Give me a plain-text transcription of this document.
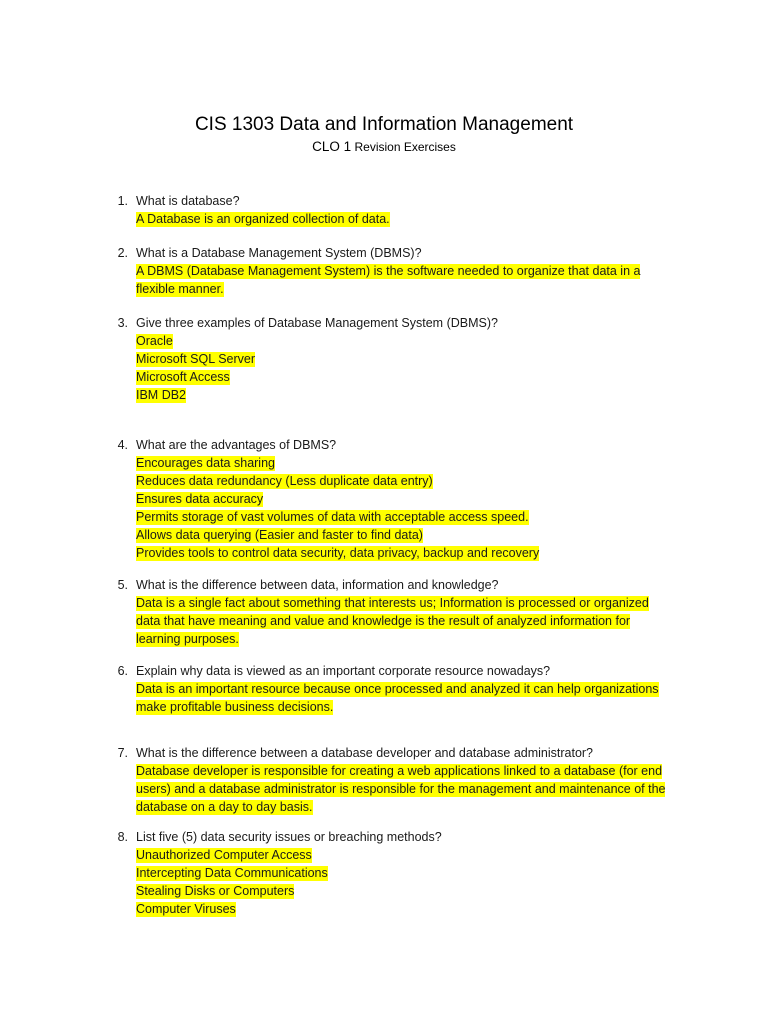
CIS 1303 Data and Information Management
CLO 1 Revision Exercises
1. What is database?
A Database is an organized collection of data.
2. What is a Database Management System (DBMS)?
A DBMS (Database Management System) is the software needed to organize that data in a
flexible manner.
3. Give three examples of Database Management System (DBMS)?
Oracle
Microsoft SQL Server
Microsoft Access
IBM DB2
4. What are the advantages of DBMS?
Encourages data sharing
Reduces data redundancy (Less duplicate data entry)
Ensures data accuracy
Permits storage of vast volumes of data with acceptable access speed.
Allows data querying (Easier and faster to find data)
Provides tools to control data security, data privacy, backup and recovery
5. What is the difference between data, information and knowledge?
Data is a single fact about something that interests us; Information is processed or organized
data that have meaning and value and knowledge is the result of analyzed information for
learning purposes.
6. Explain why data is viewed as an important corporate resource nowadays?
Data is an important resource because once processed and analyzed it can help organizations
make profitable business decisions.
7. What is the difference between a database developer and database administrator?
Database developer is responsible for creating a web applications linked to a database (for end
users) and a database administrator is responsible for the management and maintenance of the
database on a day to day basis.
8. List five (5) data security issues or breaching methods?
Unauthorized Computer Access
Intercepting Data Communications
Stealing Disks or Computers
Computer Viruses
